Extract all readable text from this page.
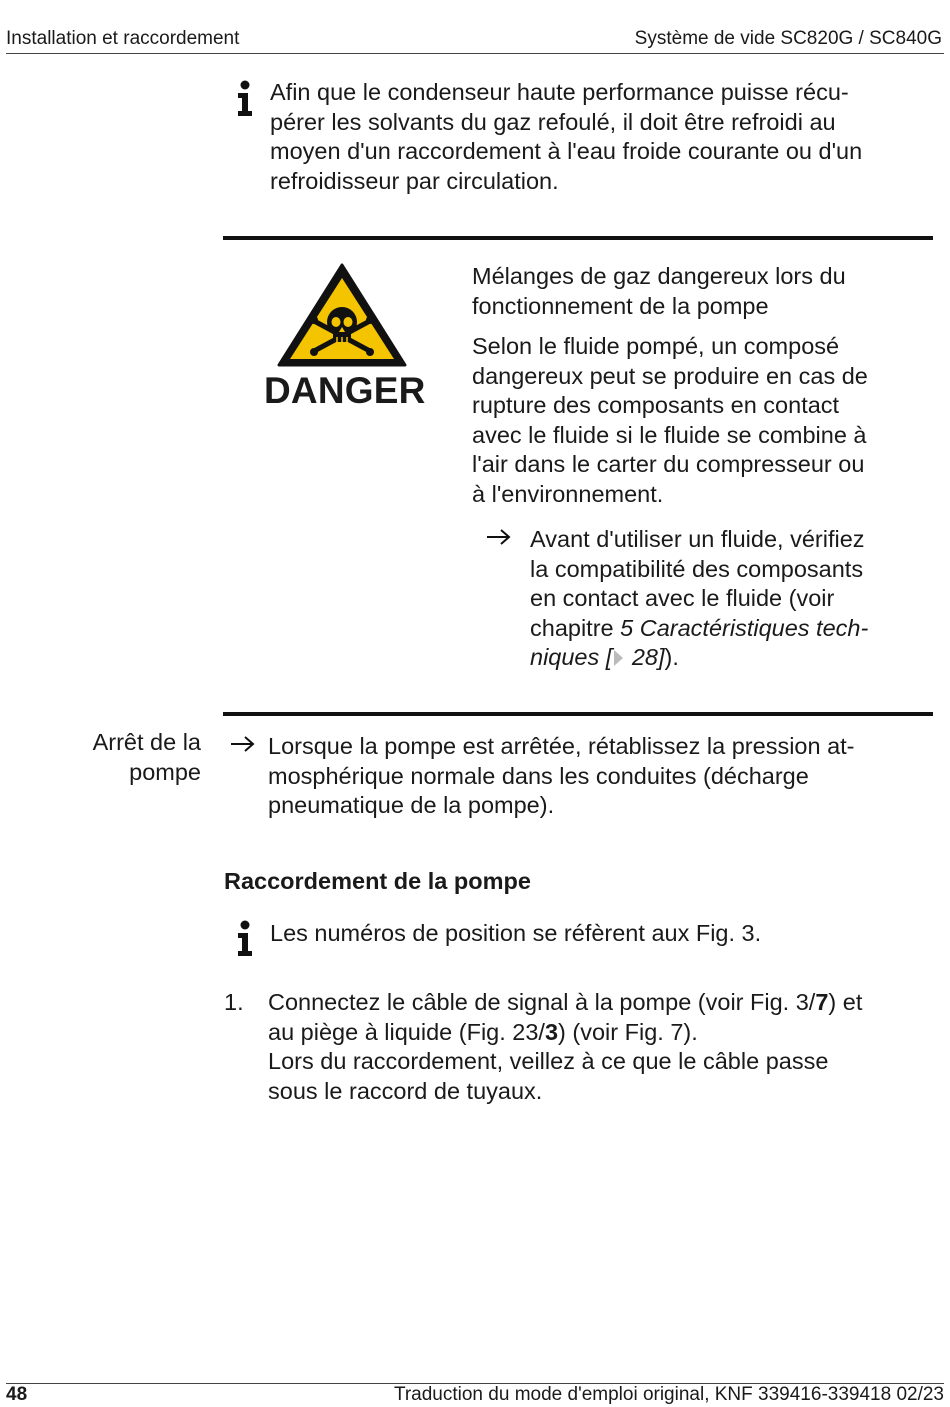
Installation et raccordement	Système de vide SC820G / SC840G
Afin que le condenseur haute performance puisse récu-
pérer les solvants du gaz refoulé, il doit être refroidi au
moyen d'un raccordement à l'eau froide courante ou d'un
refroidisseur par circulation.
DANGER
Mélanges de gaz dangereux lors du
fonctionnement de la pompe
Selon le fluide pompé, un composé
dangereux peut se produire en cas de
rupture des composants en contact
avec le fluide si le fluide se combine à
l'air dans le carter du compresseur ou
à l'environnement.
Avant d'utiliser un fluide, vérifiez
la compatibilité des composants
en contact avec le fluide (voir
chapitre 5 Caractéristiques tech-
niques [ 28]).
Arrêt de la
pompe
Lorsque la pompe est arrêtée, rétablissez la pression at-
mosphérique normale dans les conduites (décharge
pneumatique de la pompe).
Raccordement de la pompe
Les numéros de position se réfèrent aux Fig. 3.
1. Connectez le câble de signal à la pompe (voir Fig. 3/7) et
au piège à liquide (Fig. 23/3) (voir Fig. 7).
Lors du raccordement, veillez à ce que le câble passe
sous le raccord de tuyaux.
48	Traduction du mode d'emploi original, KNF 339416-339418 02/23
